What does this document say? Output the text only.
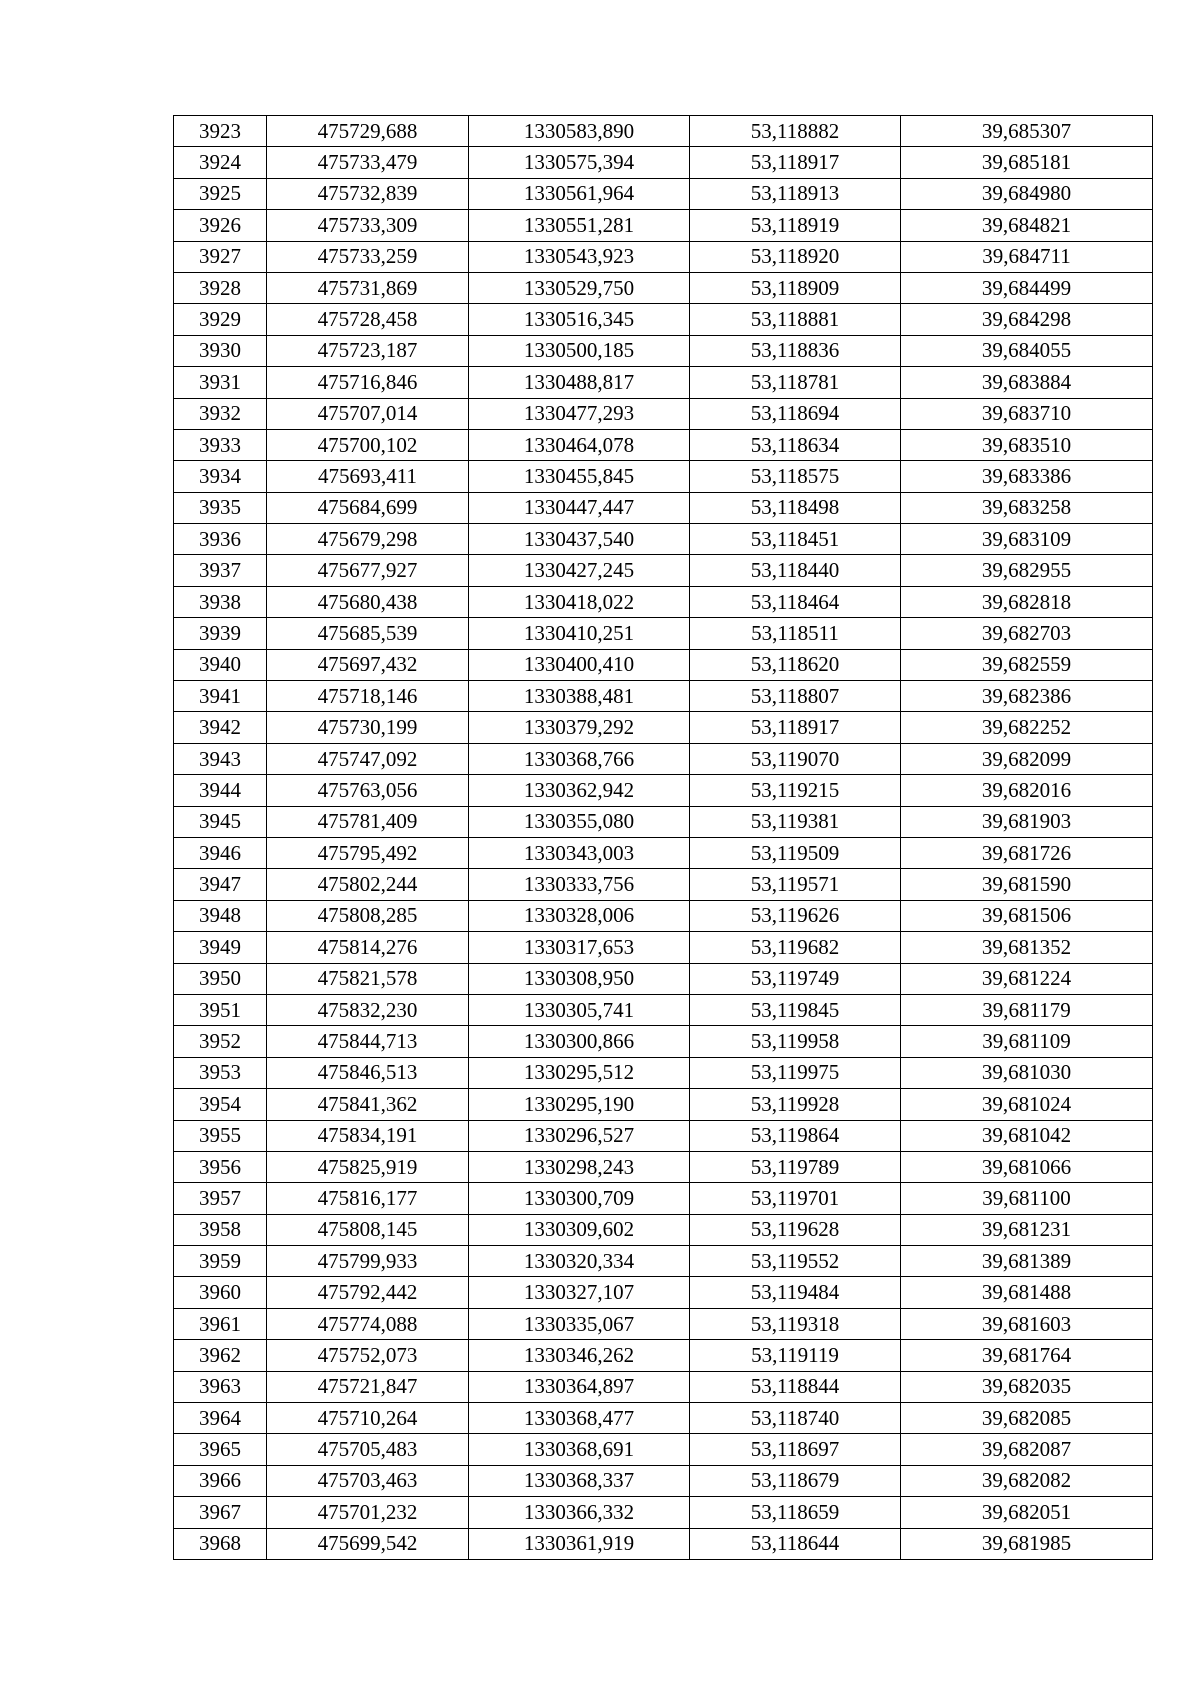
3923	475729,688	1330583,890	53,118882	39,685307
3924	475733,479	1330575,394	53,118917	39,685181
3925	475732,839	1330561,964	53,118913	39,684980
3926	475733,309	1330551,281	53,118919	39,684821
3927	475733,259	1330543,923	53,118920	39,684711
3928	475731,869	1330529,750	53,118909	39,684499
3929	475728,458	1330516,345	53,118881	39,684298
3930	475723,187	1330500,185	53,118836	39,684055
3931	475716,846	1330488,817	53,118781	39,683884
3932	475707,014	1330477,293	53,118694	39,683710
3933	475700,102	1330464,078	53,118634	39,683510
3934	475693,411	1330455,845	53,118575	39,683386
3935	475684,699	1330447,447	53,118498	39,683258
3936	475679,298	1330437,540	53,118451	39,683109
3937	475677,927	1330427,245	53,118440	39,682955
3938	475680,438	1330418,022	53,118464	39,682818
3939	475685,539	1330410,251	53,118511	39,682703
3940	475697,432	1330400,410	53,118620	39,682559
3941	475718,146	1330388,481	53,118807	39,682386
3942	475730,199	1330379,292	53,118917	39,682252
3943	475747,092	1330368,766	53,119070	39,682099
3944	475763,056	1330362,942	53,119215	39,682016
3945	475781,409	1330355,080	53,119381	39,681903
3946	475795,492	1330343,003	53,119509	39,681726
3947	475802,244	1330333,756	53,119571	39,681590
3948	475808,285	1330328,006	53,119626	39,681506
3949	475814,276	1330317,653	53,119682	39,681352
3950	475821,578	1330308,950	53,119749	39,681224
3951	475832,230	1330305,741	53,119845	39,681179
3952	475844,713	1330300,866	53,119958	39,681109
3953	475846,513	1330295,512	53,119975	39,681030
3954	475841,362	1330295,190	53,119928	39,681024
3955	475834,191	1330296,527	53,119864	39,681042
3956	475825,919	1330298,243	53,119789	39,681066
3957	475816,177	1330300,709	53,119701	39,681100
3958	475808,145	1330309,602	53,119628	39,681231
3959	475799,933	1330320,334	53,119552	39,681389
3960	475792,442	1330327,107	53,119484	39,681488
3961	475774,088	1330335,067	53,119318	39,681603
3962	475752,073	1330346,262	53,119119	39,681764
3963	475721,847	1330364,897	53,118844	39,682035
3964	475710,264	1330368,477	53,118740	39,682085
3965	475705,483	1330368,691	53,118697	39,682087
3966	475703,463	1330368,337	53,118679	39,682082
3967	475701,232	1330366,332	53,118659	39,682051
3968	475699,542	1330361,919	53,118644	39,681985
